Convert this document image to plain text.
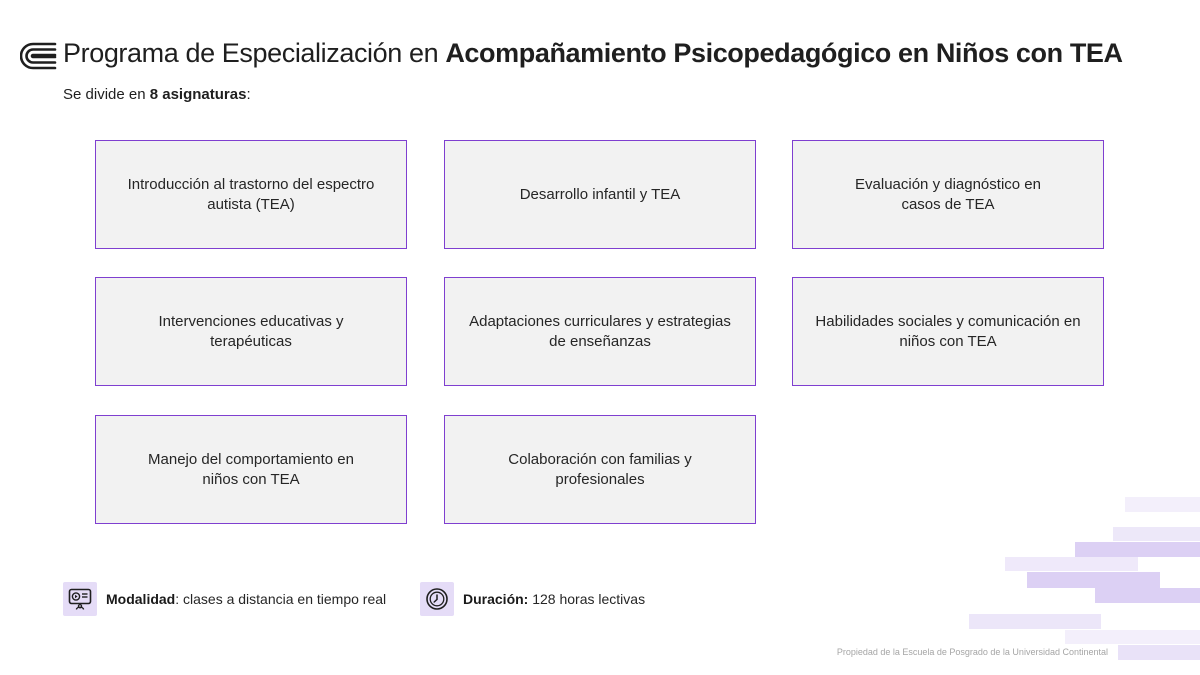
Programa de Especialización en Acompañamiento Psicopedagógico en Niños con TEA

Se divide en 8 asignaturas:

Introducción al trastorno del espectro autista (TEA)
Desarrollo infantil y TEA
Evaluación y diagnóstico en casos de TEA
Intervenciones educativas y terapéuticas
Adaptaciones curriculares y estrategias de enseñanzas
Habilidades sociales y comunicación en niños con TEA
Manejo del comportamiento en niños con TEA
Colaboración con familias y profesionales
Modalidad: clases a distancia en tiempo real	Duración: 128 horas lectivas
Propiedad de la Escuela de Posgrado de la Universidad Continental
